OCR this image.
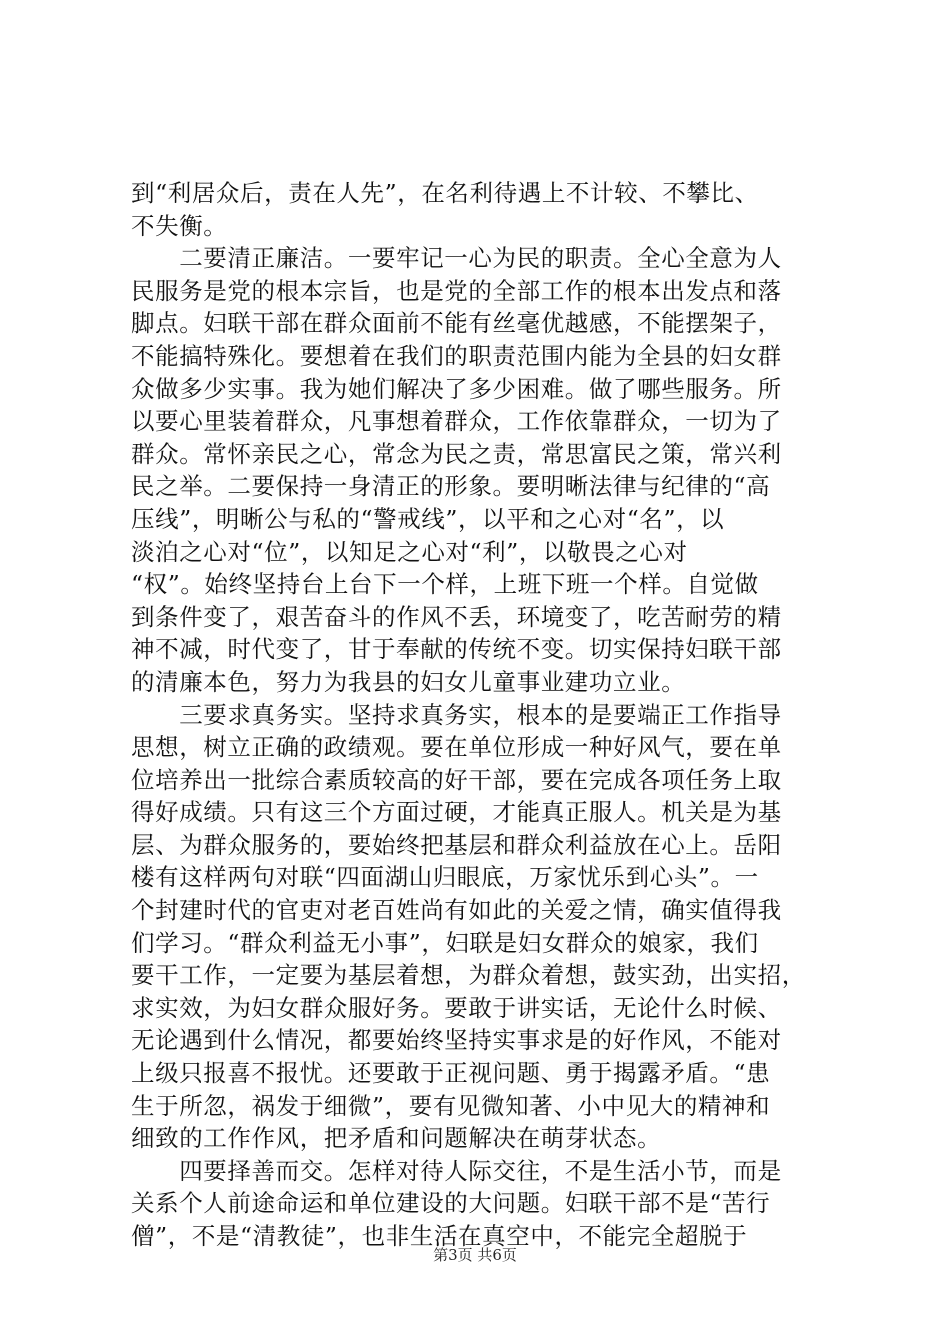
到“利居众后，责在人先”，在名利待遇上不计较、不攀比、
不失衡。
　　二要清正廉洁。一要牢记一心为民的职责。全心全意为人
民服务是党的根本宗旨，也是党的全部工作的根本出发点和落
脚点。妇联干部在群众面前不能有丝毫优越感，不能摆架子，
不能搞特殊化。要想着在我们的职责范围内能为全县的妇女群
众做多少实事。我为她们解决了多少困难。做了哪些服务。所
以要心里装着群众，凡事想着群众，工作依靠群众，一切为了
群众。常怀亲民之心，常念为民之责，常思富民之策，常兴利
民之举。二要保持一身清正的形象。要明晰法律与纪律的“高
压线”，明晰公与私的“警戒线”，以平和之心对“名”，以
淡泊之心对“位”，以知足之心对“利”，以敬畏之心对
“权”。始终坚持台上台下一个样，上班下班一个样。自觉做
到条件变了，艰苦奋斗的作风不丢，环境变了，吃苦耐劳的精
神不减，时代变了，甘于奉献的传统不变。切实保持妇联干部
的清廉本色，努力为我县的妇女儿童事业建功立业。
　　三要求真务实。坚持求真务实，根本的是要端正工作指导
思想，树立正确的政绩观。要在单位形成一种好风气，要在单
位培养出一批综合素质较高的好干部，要在完成各项任务上取
得好成绩。只有这三个方面过硬，才能真正服人。机关是为基
层、为群众服务的，要始终把基层和群众利益放在心上。岳阳
楼有这样两句对联“四面湖山归眼底，万家忧乐到心头”。一
个封建时代的官吏对老百姓尚有如此的关爱之情，确实值得我
们学习。“群众利益无小事”，妇联是妇女群众的娘家，我们
要干工作，一定要为基层着想，为群众着想，鼓实劲，出实招，
求实效，为妇女群众服好务。要敢于讲实话，无论什么时候、
无论遇到什么情况，都要始终坚持实事求是的好作风，不能对
上级只报喜不报忧。还要敢于正视问题、勇于揭露矛盾。“患
生于所忽，祸发于细微”，要有见微知著、小中见大的精神和
细致的工作作风，把矛盾和问题解决在萌芽状态。
　　四要择善而交。怎样对待人际交往，不是生活小节，而是
关系个人前途命运和单位建设的大问题。妇联干部不是“苦行
僧”，不是“清教徒”，也非生活在真空中，不能完全超脱于
第3页 共6页
